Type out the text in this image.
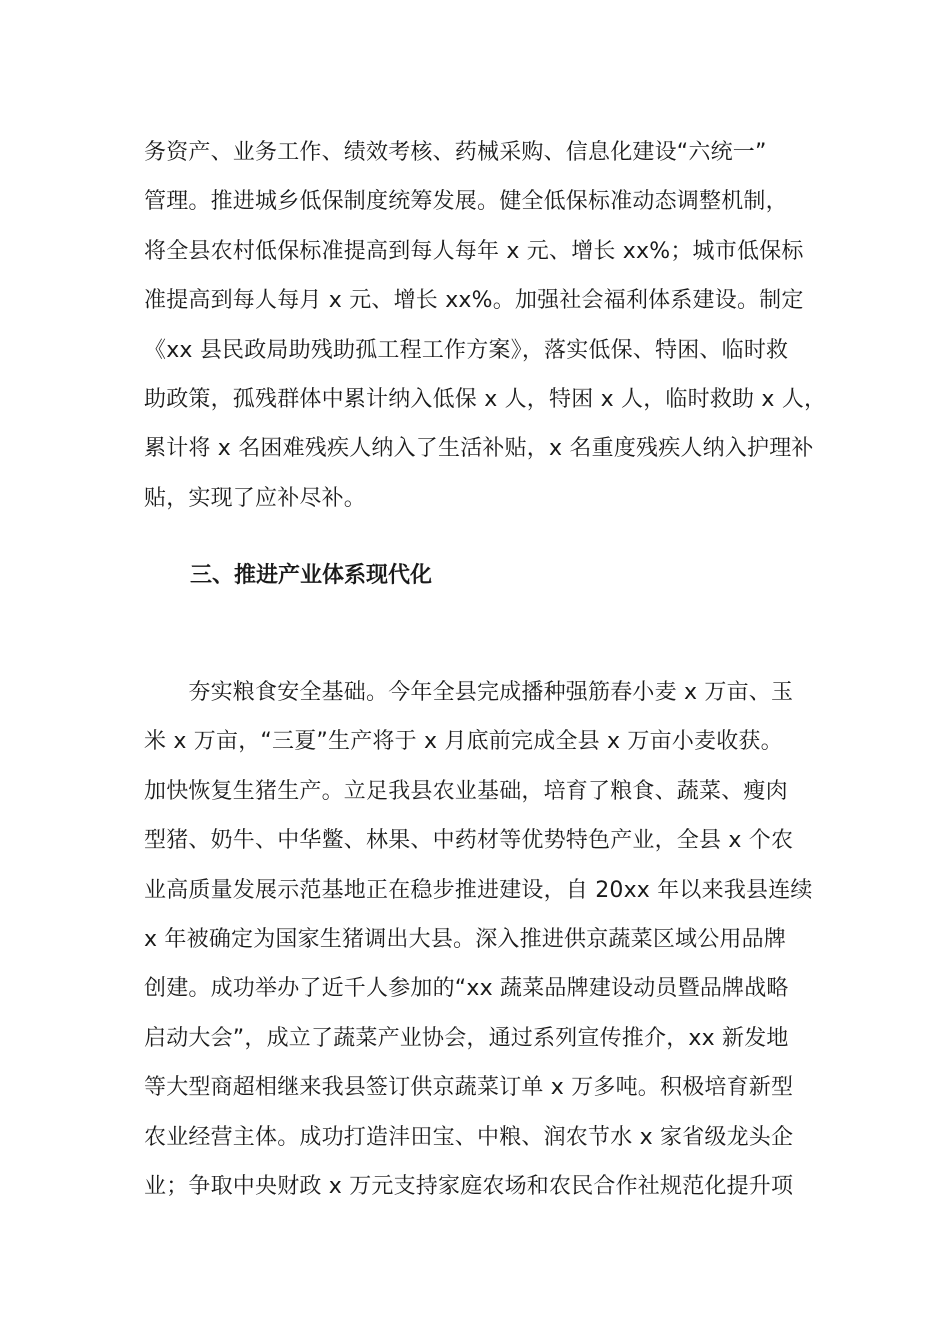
务资产、业务工作、绩效考核、药械采购、信息化建设“六统一”
管理。推进城乡低保制度统筹发展。健全低保标准动态调整机制，
将全县农村低保标准提高到每人每年 x 元、增长 xx%；城市低保标
准提高到每人每月 x 元、增长 xx%。加强社会福利体系建设。制定
《xx 县民政局助残助孤工程工作方案》，落实低保、特困、临时救
助政策，孤残群体中累计纳入低保 x 人，特困 x 人，临时救助 x 人，
累计将 x 名困难残疾人纳入了生活补贴，x 名重度残疾人纳入护理补
贴，实现了应补尽补。
三、推进产业体系现代化
　　夯实粮食安全基础。今年全县完成播种强筋春小麦 x 万亩、玉
米 x 万亩，“三夏”生产将于 x 月底前完成全县 x 万亩小麦收获。
加快恢复生猪生产。立足我县农业基础，培育了粮食、蔬菜、瘦肉
型猪、奶牛、中华鳖、林果、中药材等优势特色产业，全县 x 个农
业高质量发展示范基地正在稳步推进建设，自 20xx 年以来我县连续
x 年被确定为国家生猪调出大县。深入推进供京蔬菜区域公用品牌
创建。成功举办了近千人参加的“xx 蔬菜品牌建设动员暨品牌战略
启动大会”，成立了蔬菜产业协会，通过系列宣传推介，xx 新发地
等大型商超相继来我县签订供京蔬菜订单 x 万多吨。积极培育新型
农业经营主体。成功打造沣田宝、中粮、润农节水 x 家省级龙头企
业；争取中央财政 x 万元支持家庭农场和农民合作社规范化提升项
